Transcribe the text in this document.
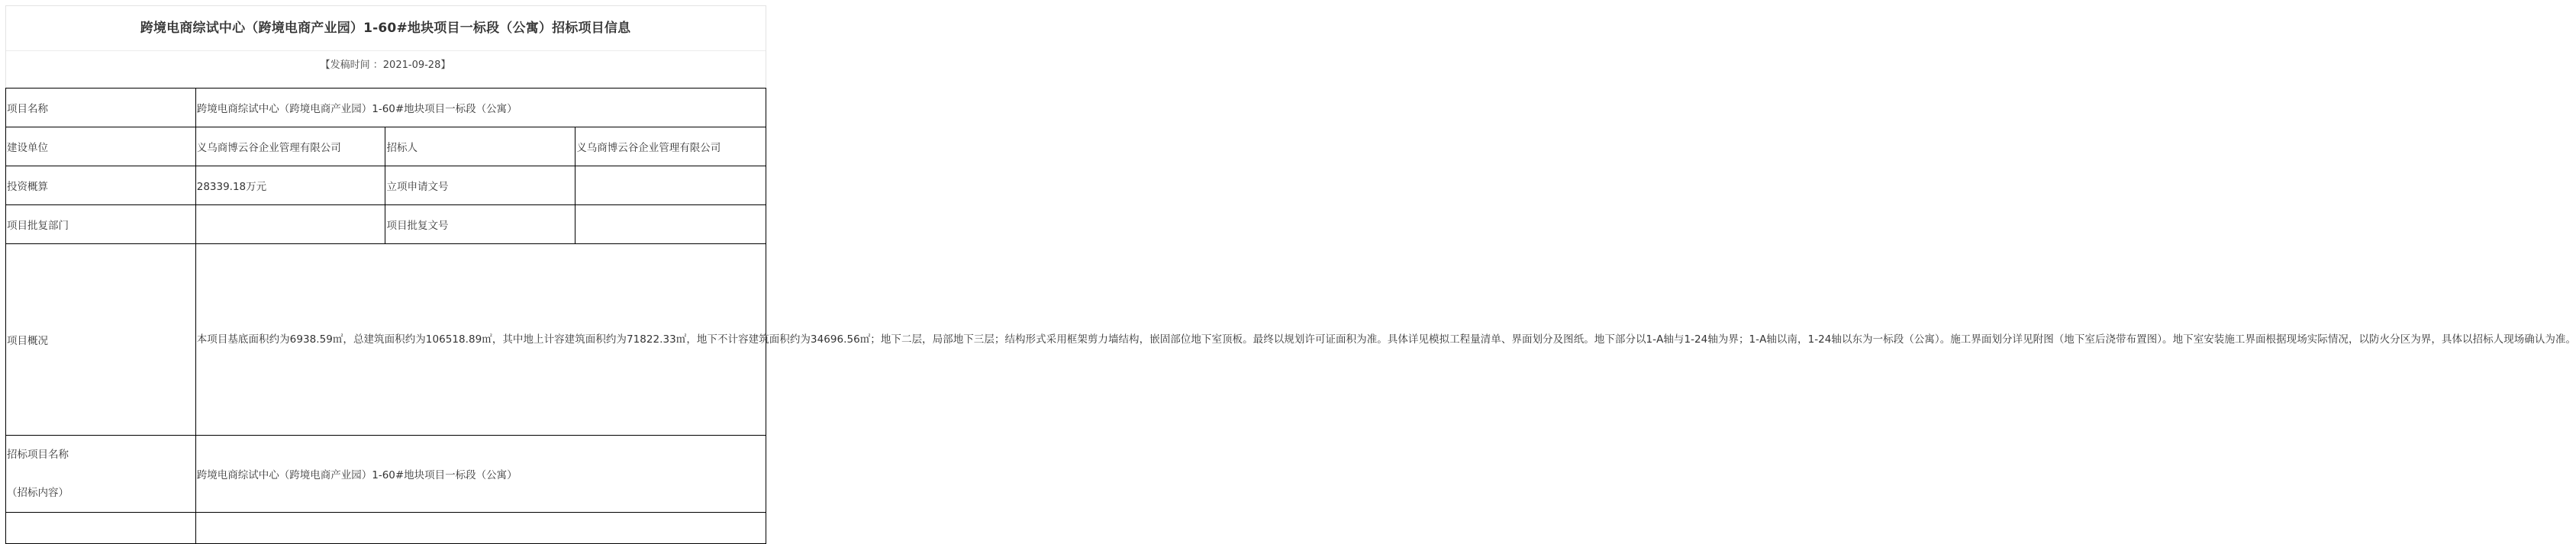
跨境电商综试中心（跨境电商产业园）1-60#地块项目一标段（公寓）招标项目信息
【发稿时间 ：2021-09-28】
项目名称	跨境电商综试中心（跨境电商产业园）1-60#地块项目一标段（公寓）		
建设单位	义乌商博云谷企业管理有限公司	招标人	义乌商博云谷企业管理有限公司
投资概算	28339.18万元	立项申请文号	
项目批复部门		项目批复文号	
项目概况	本项目基底面积约为6938.59㎡，总建筑面积约为106518.89㎡，其中地上计容建筑面积约为71822.33㎡，地下不计容建筑面积约为34696.56㎡；地下二层，局部地下三层；结构形式采用框架剪力墙结构，嵌固部位地下室顶板。最终以规划许可证面积为准。具体详见模拟工程量清单、界面划分及图纸。地下部分以1-A轴与1-24轴为界；1-A轴以南，1-24轴以东为一标段（公寓）。施工界面划分详见附图（地下室后浇带布置图）。地下室安装施工界面根据现场实际情况，以防火分区为界，具体以招标人现场确认为准。		

招标项目名称
（招标内容）	跨境电商综试中心（跨境电商产业园）1-60#地块项目一标段（公寓）		
